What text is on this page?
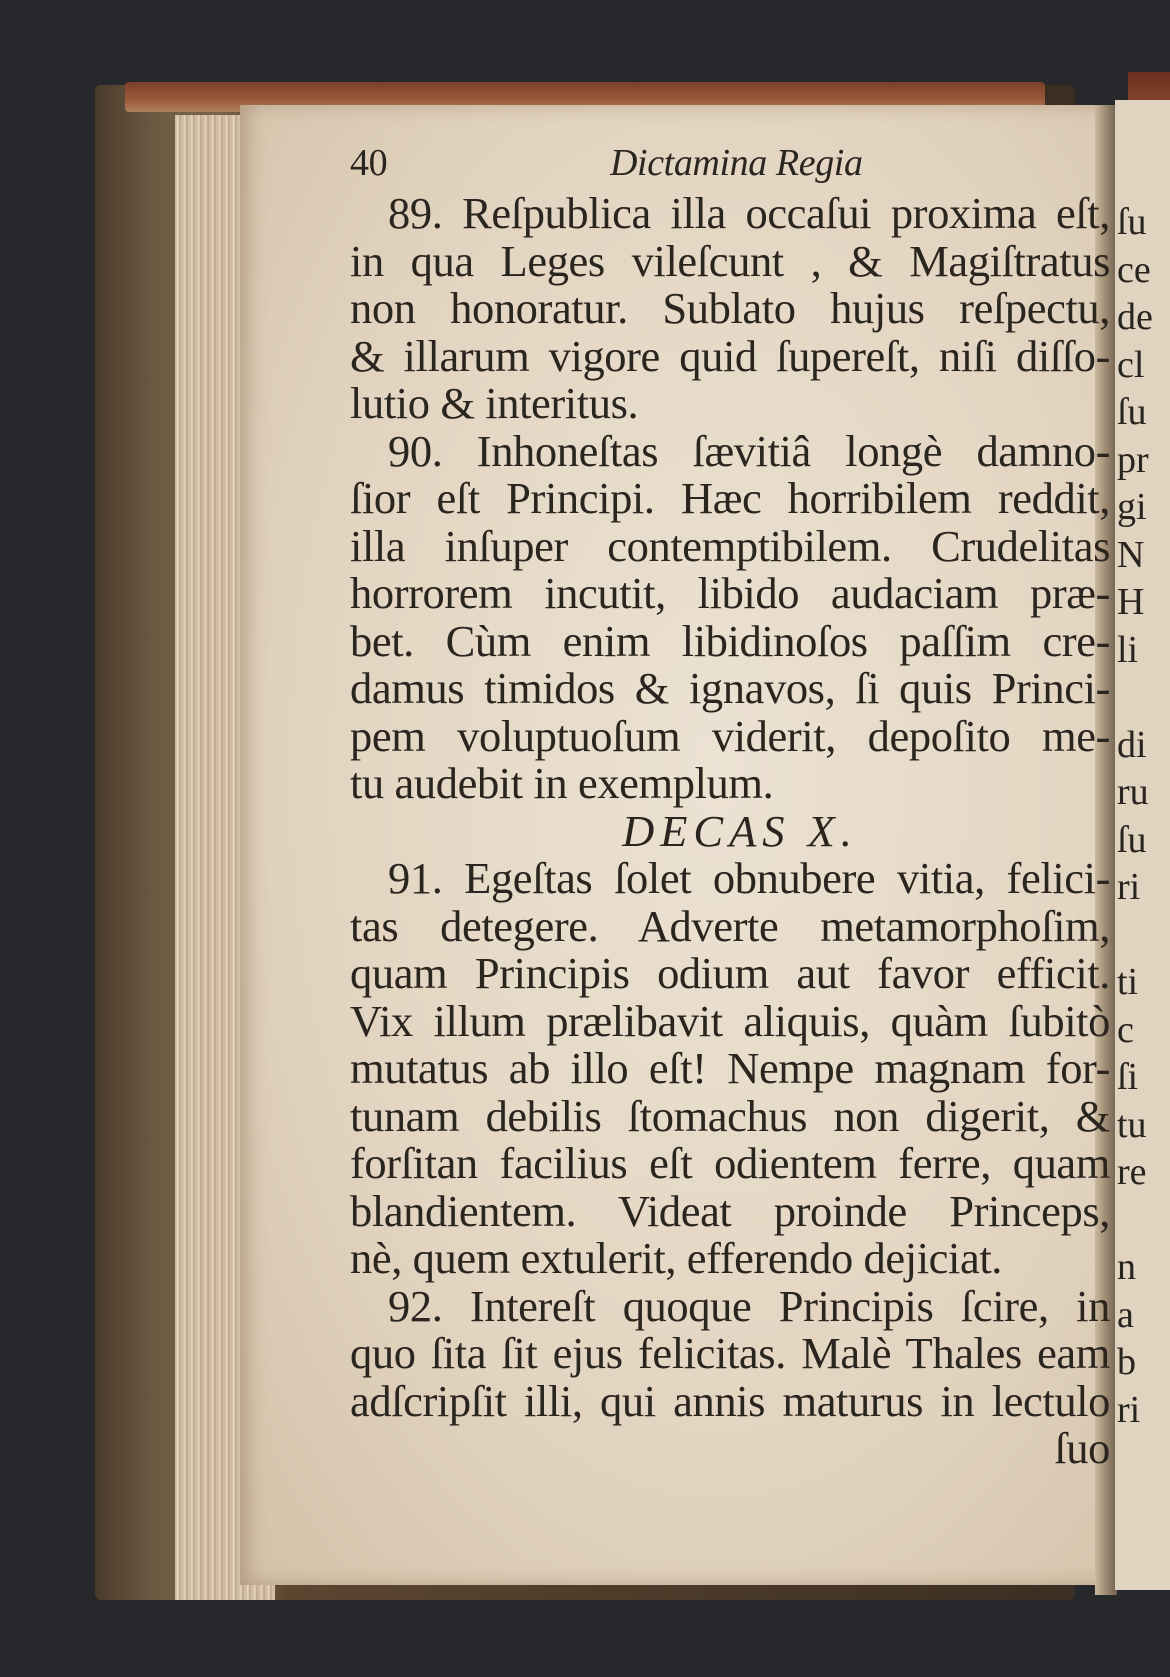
ſu
ce
de
cl
ſu
pr
gi
N
H
li
di
ru
ſu
ri
ti
c
ſi
tu
re
n
a
b
ri
40	Dictamina Regia
89. Reſpublica illa occaſui proxima eſt,
in qua Leges vileſcunt , & Magiſtratus
non honoratur. Sublato hujus reſpectu,
& illarum vigore quid ſupereſt, niſi diſſo-
lutio & interitus.
90. Inhoneſtas ſævitiâ longè damno-
ſior eſt Principi. Hæc horribilem reddit,
illa inſuper contemptibilem. Crudelitas
horrorem incutit, libido audaciam præ-
bet. Cùm enim libidinoſos paſſim cre-
damus timidos & ignavos, ſi quis Princi-
pem voluptuoſum viderit, depoſito me-
tu audebit in exemplum.
DECAS X.
91. Egeſtas ſolet obnubere vitia, felici-
tas detegere. Adverte metamorphoſim,
quam Principis odium aut favor efficit.
Vix illum prælibavit aliquis, quàm ſubitò
mutatus ab illo eſt! Nempe magnam for-
tunam debilis ſtomachus non digerit, &
forſitan facilius eſt odientem ferre, quam
blandientem. Videat proinde Princeps,
nè, quem extulerit, efferendo dejiciat.
92. Intereſt quoque Principis ſcire, in
quo ſita ſit ejus felicitas. Malè Thales eam
adſcripſit illi, qui annis maturus in lectulo
ſuo
